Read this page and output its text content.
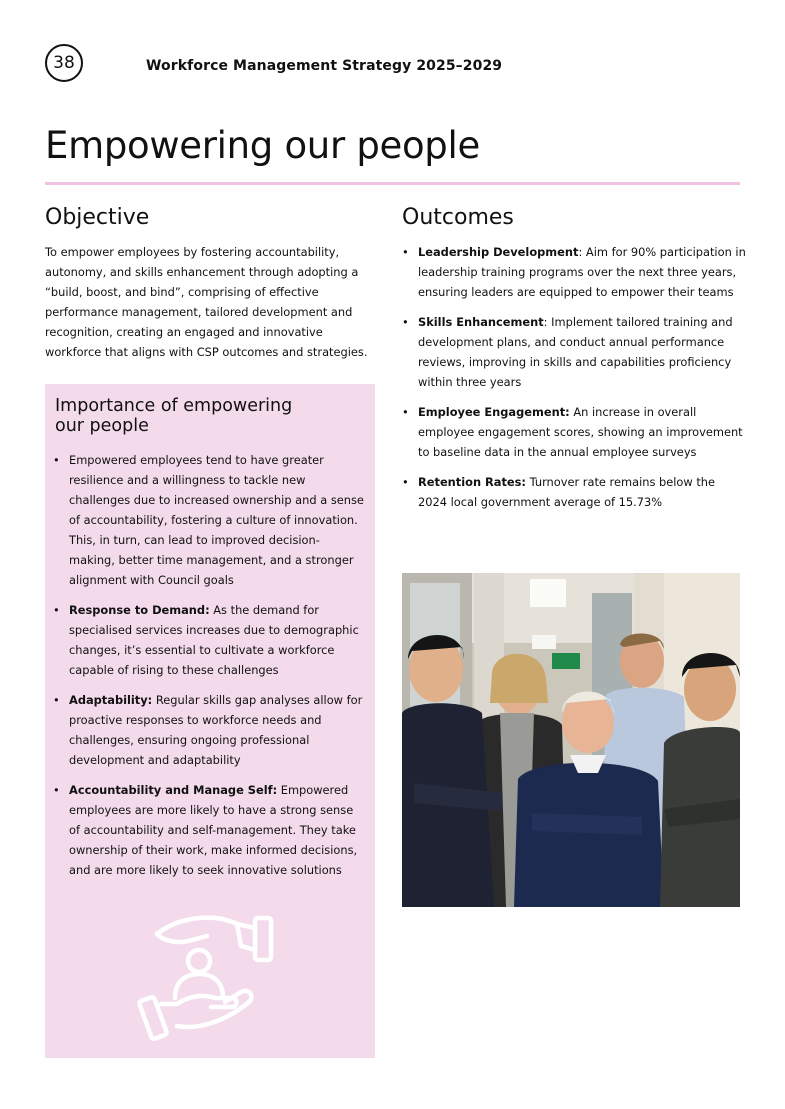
38	Workforce Management Strategy 2025–2029
Empowering our people
Objective
To empower employees by fostering accountability, autonomy, and skills enhancement through adopting a “build, boost, and bind”, comprising of effective performance management, tailored development and recognition, creating an engaged and innovative workforce that aligns with CSP outcomes and strategies.
Outcomes
• Leadership Development: Aim for 90% participation in leadership training programs over the next three years, ensuring leaders are equipped to empower their teams
• Skills Enhancement: Implement tailored training and development plans, and conduct annual performance reviews, improving in skills and capabilities proficiency within three years
• Employee Engagement: An increase in overall employee engagement scores, showing an improvement to baseline data in the annual employee surveys
• Retention Rates: Turnover rate remains below the 2024 local government average of 15.73%
Importance of empowering our people
• Empowered employees tend to have greater resilience and a willingness to tackle new challenges due to increased ownership and a sense of accountability, fostering a culture of innovation. This, in turn, can lead to improved decision-making, better time management, and a stronger alignment with Council goals
• Response to Demand: As the demand for specialised services increases due to demographic changes, it’s essential to cultivate a workforce capable of rising to these challenges
• Adaptability: Regular skills gap analyses allow for proactive responses to workforce needs and challenges, ensuring ongoing professional development and adaptability
• Accountability and Manage Self: Empowered employees are more likely to have a strong sense of accountability and self-management. They take ownership of their work, make informed decisions, and are more likely to seek innovative solutions
